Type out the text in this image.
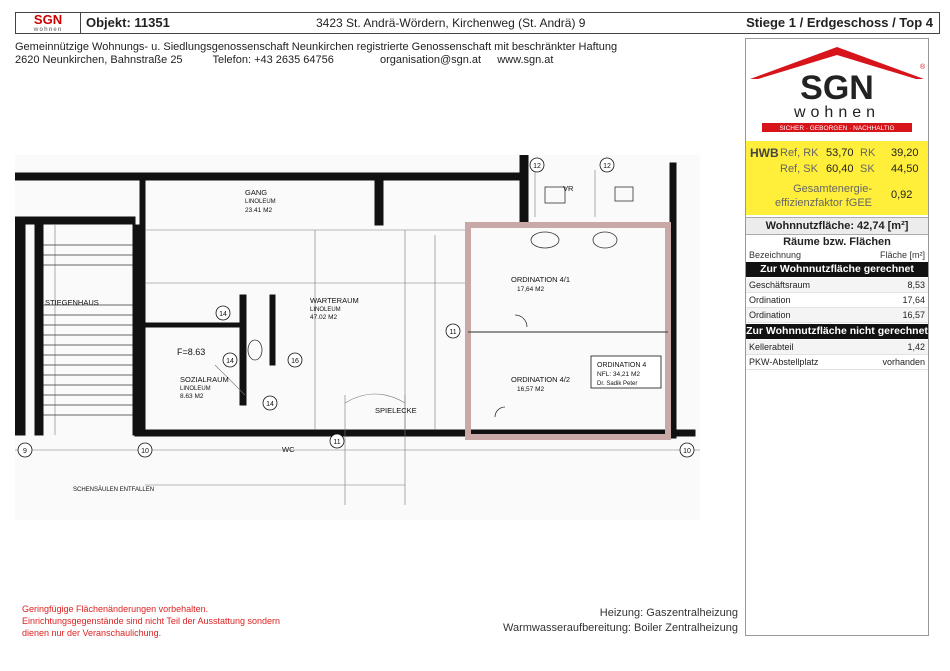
SGN
wohnen	Objekt: 11351	3423 St. Andrä-Wördern, Kirchenweg (St. Andrä) 9	Stiege 1 / Erdgeschoss / Top 4
Gemeinnützige Wohnungs- u. Siedlungsgenossenschaft Neunkirchen registrierte Genossenschaft mit beschränkter Haftung
2620 Neunkirchen, Bahnstraße 25	Telefon: +43 2635 64756	organisation@sgn.at www.sgn.at
GANG
LINOLEUM
23.41 M2
WARTERAUM
LINOLEUM
47.02 M2
ORDINATION 4/1
17,64 M2
ORDINATION 4/2
16,57 M2
SOZIALRAUM
LINOLEUM
8.63 M2
F=8.63
STIEGENHAUS
SPIELECKE
WC
VR
SCHENSÄULEN ENTFALLEN
ORDINATION 4
NFL: 34,21 M2
Dr. Sadik Peter
12	12
14
11
14
14
16
11
10
9	10
SGN
wohnen
SICHER · GEBORGEN · NACHHALTIG
®
HWB Ref, RK 53,70 RK 39,20
Ref, SK 60,40 SK 44,50
Gesamtenergie-
effizienzfaktor fGEE
0,92
Wohnnutzfläche: 42,74 [m²]
Räume bzw. Flächen
Bezeichnung	Fläche [m²]
Zur Wohnnutzfläche gerechnet
Geschäftsraum	8,53
Ordination	17,64
Ordination	16,57
Zur Wohnnutzfläche nicht gerechnet
Kellerabteil	1,42
PKW-Abstellplatz	vorhanden
Geringfügige Flächenänderungen vorbehalten.
Einrichtungsgegenstände sind nicht Teil der Ausstattung sondern
dienen nur der Veranschaulichung.
Heizung: Gaszentralheizung
Warmwasseraufbereitung: Boiler Zentralheizung
